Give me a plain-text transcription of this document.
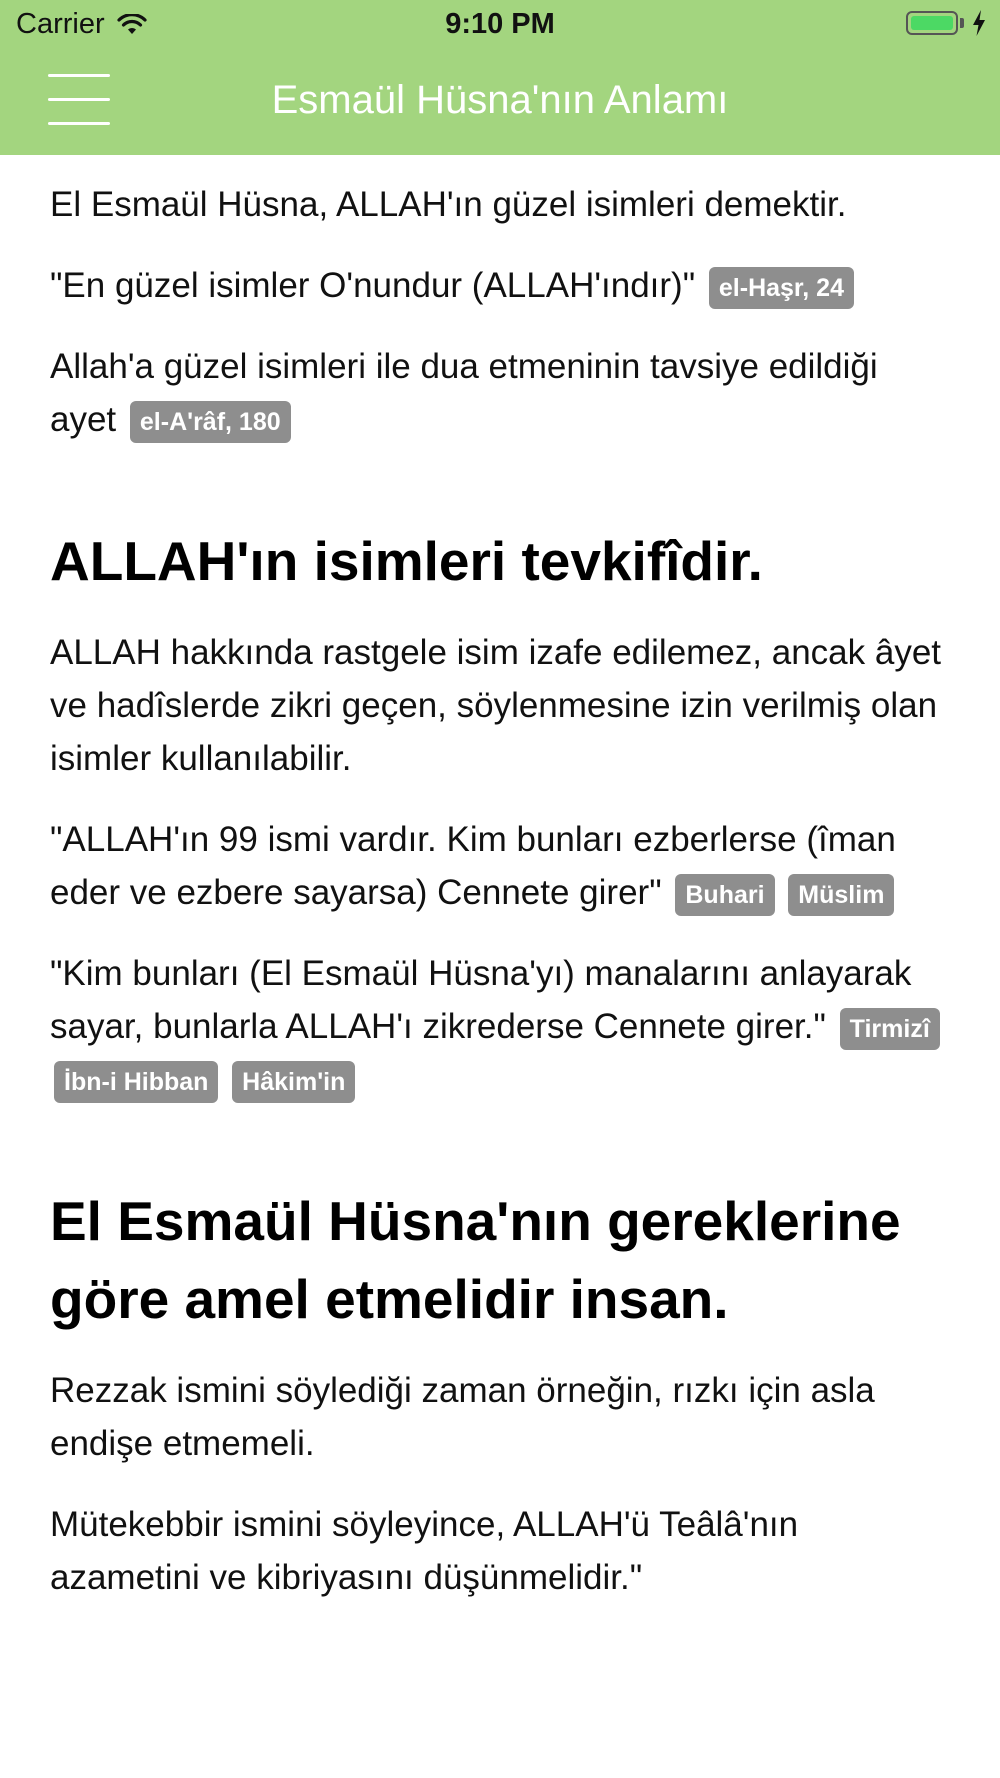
Carrier	9:10 PM
Esmaül Hüsna'nın Anlamı

El Esmaül Hüsna, ALLAH'ın güzel isimleri demektir.

"En güzel isimler O'nundur (ALLAH'ındır)" el-Haşr, 24

Allah'a güzel isimleri ile dua etmeninin tavsiye edildiği ayet el-A'râf, 180

ALLAH'ın isimleri tevkifîdir.

ALLAH hakkında rastgele isim izafe edilemez, ancak âyet ve hadîslerde zikri geçen, söylenmesine izin verilmiş olan isimler kullanılabilir.

"ALLAH'ın 99 ismi vardır. Kim bunları ezberlerse (îman eder ve ezbere sayarsa) Cennete girer" Buhari Müslim

"Kim bunları (El Esmaül Hüsna'yı) manalarını anlayarak sayar, bunlarla ALLAH'ı zikrederse Cennete girer." Tirmizî İbn-i Hibban Hâkim'in

El Esmaül Hüsna'nın gereklerine göre amel etmelidir insan.

Rezzak ismini söylediği zaman örneğin, rızkı için asla endişe etmemeli.

Mütekebbir ismini söyleyince, ALLAH'ü Teâlâ'nın azametini ve kibriyasını düşünmelidir."
